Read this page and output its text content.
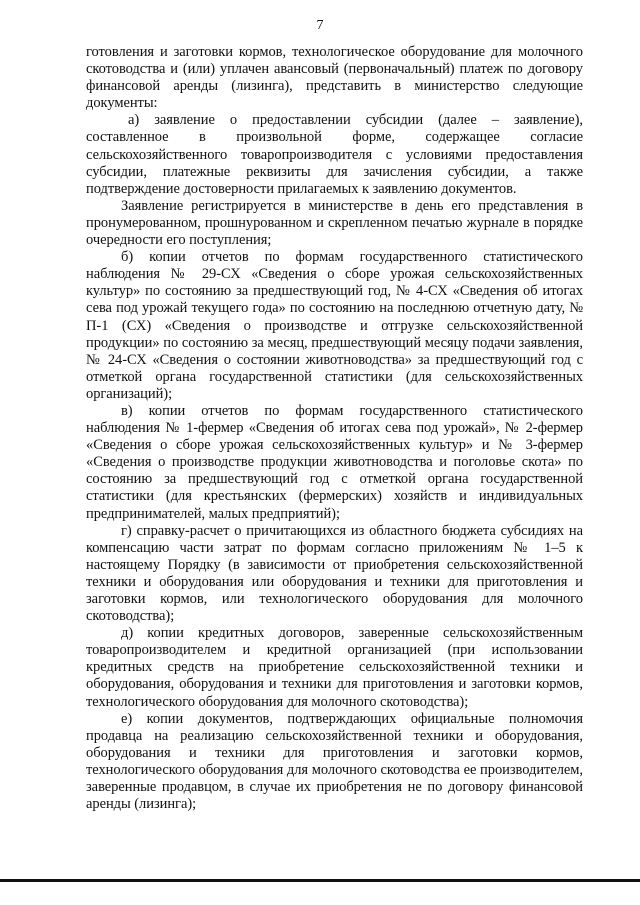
7

готовления и заготовки кормов, технологическое оборудование для молочного скотоводства и (или) уплачен авансовый (первоначальный) платеж по договору финансовой аренды (лизинга), представить в министерство следующие документы:

а) заявление о предоставлении субсидии (далее – заявление), составленное в произвольной форме, содержащее согласие сельскохозяйственного товаропроизводителя с условиями предоставления субсидии, платежные реквизиты для зачисления субсидии, а также подтверждение достоверности прилагаемых к заявлению документов.

Заявление регистрируется в министерстве в день его представления в пронумерованном, прошнурованном и скрепленном печатью журнале в порядке очередности его поступления;

б) копии отчетов по формам государственного статистического наблюдения № 29-СХ «Сведения о сборе урожая сельскохозяйственных культур» по состоянию за предшествующий год, № 4-СХ «Сведения об итогах сева под урожай текущего года» по состоянию на последнюю отчетную дату, № П-1 (СХ) «Сведения о производстве и отгрузке сельскохозяйственной продукции» по состоянию за месяц, предшествующий месяцу подачи заявления, № 24-СХ «Сведения о состоянии животноводства» за предшествующий год с отметкой органа государственной статистики (для сельскохозяйственных организаций);

в) копии отчетов по формам государственного статистического наблюдения № 1-фермер «Сведения об итогах сева под урожай», № 2-фермер «Сведения о сборе урожая сельскохозяйственных культур» и № 3-фермер «Сведения о производстве продукции животноводства и поголовье скота» по состоянию за предшествующий год с отметкой органа государственной статистики (для крестьянских (фермерских) хозяйств и индивидуальных предпринимателей, малых предприятий);

г) справку-расчет о причитающихся из областного бюджета субсидиях на компенсацию части затрат по формам согласно приложениям № 1–5 к настоящему Порядку (в зависимости от приобретения сельскохозяйственной техники и оборудования или оборудования и техники для приготовления и заготовки кормов, или технологического оборудования для молочного скотоводства);

д) копии кредитных договоров, заверенные сельскохозяйственным товаропроизводителем и кредитной организацией (при использовании кредитных средств на приобретение сельскохозяйственной техники и оборудования, оборудования и техники для приготовления и заготовки кормов, технологического оборудования для молочного скотоводства);

е) копии документов, подтверждающих официальные полномочия продавца на реализацию сельскохозяйственной техники и оборудования, оборудования и техники для приготовления и заготовки кормов, технологического оборудования для молочного скотоводства ее производителем, заверенные продавцом, в случае их приобретения не по договору финансовой аренды (лизинга);
